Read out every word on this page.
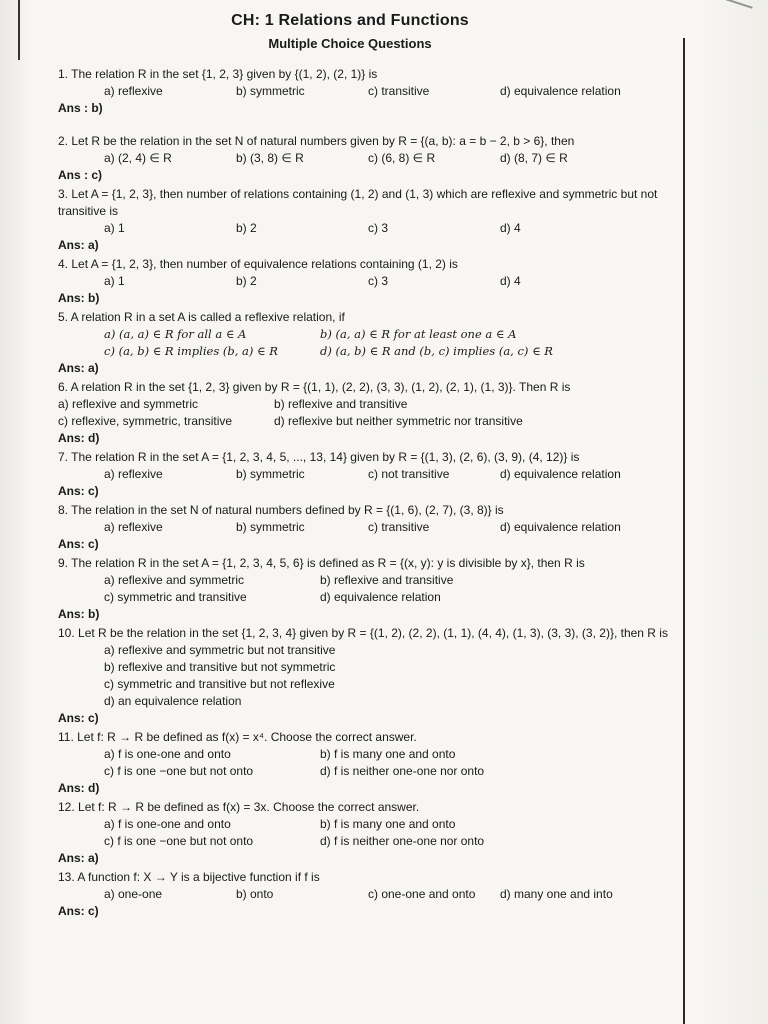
CH: 1 Relations and Functions
Multiple Choice Questions
1. The relation R in the set {1, 2, 3} given by {(1, 2), (2, 1)} is
a) reflexive	b) symmetric	c) transitive	d) equivalence relation
Ans : b)
2. Let R be the relation in the set N of natural numbers given by R = {(a, b): a = b − 2, b > 6}, then
a) (2, 4) ∈ R	b) (3, 8) ∈ R	c) (6, 8) ∈ R	d) (8, 7) ∈ R
Ans : c)
3. Let A = {1, 2, 3}, then number of relations containing (1, 2) and (1, 3) which are reflexive and symmetric but not transitive is
a) 1	b) 2	c) 3	d) 4
Ans: a)
4. Let A = {1, 2, 3}, then number of equivalence relations containing (1, 2) is
a) 1	b) 2	c) 3	d) 4
Ans: b)
5. A relation R in a set A is called a reflexive relation, if
a) (a, a) ∈ R for all a ∈ A	b) (a, a) ∈ R for at least one a ∈ A
c) (a, b) ∈ R implies (b, a) ∈ R	d) (a, b) ∈ R and (b, c) implies (a, c) ∈ R
Ans: a)
6. A relation R in the set {1, 2, 3} given by R = {(1, 1), (2, 2), (3, 3), (1, 2), (2, 1), (1, 3)}. Then R is
a) reflexive and symmetric	b) reflexive and transitive
c) reflexive, symmetric, transitive	d) reflexive but neither symmetric nor transitive
Ans: d)
7. The relation R in the set A = {1, 2, 3, 4, 5, ..., 13, 14} given by R = {(1, 3), (2, 6), (3, 9), (4, 12)} is
a) reflexive	b) symmetric	c) not transitive	d) equivalence relation
Ans: c)
8. The relation in the set N of natural numbers defined by R = {(1, 6), (2, 7), (3, 8)} is
a) reflexive	b) symmetric	c) transitive	d) equivalence relation
Ans: c)
9. The relation R in the set A = {1, 2, 3, 4, 5, 6} is defined as R = {(x, y): y is divisible by x}, then R is
a) reflexive and symmetric	b) reflexive and transitive
c) symmetric and transitive	d) equivalence relation
Ans: b)
10. Let R be the relation in the set {1, 2, 3, 4} given by R = {(1, 2), (2, 2), (1, 1), (4, 4), (1, 3), (3, 3), (3, 2)}, then R is
a) reflexive and symmetric but not transitive
b) reflexive and transitive but not symmetric
c) symmetric and transitive but not reflexive
d) an equivalence relation
Ans: c)
11. Let f: R → R be defined as f(x) = x⁴. Choose the correct answer.
a) f is one-one and onto	b) f is many one and onto
c) f is one −one but not onto	d) f is neither one-one nor onto
Ans: d)
12. Let f: R → R be defined as f(x) = 3x. Choose the correct answer.
a) f is one-one and onto	b) f is many one and onto
c) f is one −one but not onto	d) f is neither one-one nor onto
Ans: a)
13. A function f: X → Y is a bijective function if f is
a) one-one	b) onto	c) one-one and onto	d) many one and into
Ans: c)
